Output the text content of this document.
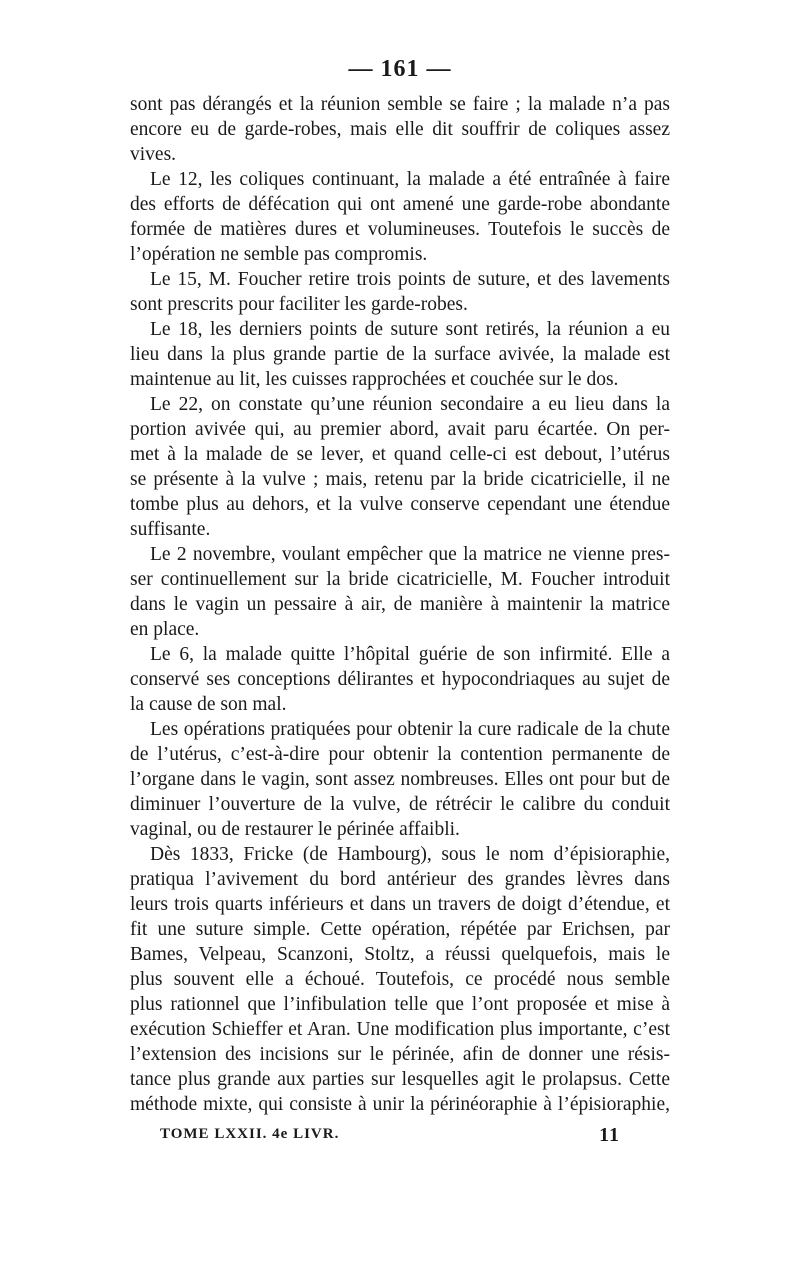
— 161 —
sont pas dérangés et la réunion semble se faire ; la malade n’a pas
encore eu de garde-robes, mais elle dit souffrir de coliques assez
vives.
Le 12, les coliques continuant, la malade a été entraînée à faire
des efforts de défécation qui ont amené une garde-robe abondante
formée de matières dures et volumineuses. Toutefois le succès de
l’opération ne semble pas compromis.
Le 15, M. Foucher retire trois points de suture, et des lavements
sont prescrits pour faciliter les garde-robes.
Le 18, les derniers points de suture sont retirés, la réunion a eu
lieu dans la plus grande partie de la surface avivée, la malade est
maintenue au lit, les cuisses rapprochées et couchée sur le dos.
Le 22, on constate qu’une réunion secondaire a eu lieu dans la
portion avivée qui, au premier abord, avait paru écartée. On per-
met à la malade de se lever, et quand celle-ci est debout, l’utérus
se présente à la vulve ; mais, retenu par la bride cicatricielle, il ne
tombe plus au dehors, et la vulve conserve cependant une étendue
suffisante.
Le 2 novembre, voulant empêcher que la matrice ne vienne pres-
ser continuellement sur la bride cicatricielle, M. Foucher introduit
dans le vagin un pessaire à air, de manière à maintenir la matrice
en place.
Le 6, la malade quitte l’hôpital guérie de son infirmité. Elle a
conservé ses conceptions délirantes et hypocondriaques au sujet de
la cause de son mal.
Les opérations pratiquées pour obtenir la cure radicale de la chute
de l’utérus, c’est-à-dire pour obtenir la contention permanente de
l’organe dans le vagin, sont assez nombreuses. Elles ont pour but de
diminuer l’ouverture de la vulve, de rétrécir le calibre du conduit
vaginal, ou de restaurer le périnée affaibli.
Dès 1833, Fricke (de Hambourg), sous le nom d’épisioraphie,
pratiqua l’avivement du bord antérieur des grandes lèvres dans
leurs trois quarts inférieurs et dans un travers de doigt d’étendue, et
fit une suture simple. Cette opération, répétée par Erichsen, par
Bames, Velpeau, Scanzoni, Stoltz, a réussi quelquefois, mais le
plus souvent elle a échoué. Toutefois, ce procédé nous semble
plus rationnel que l’infibulation telle que l’ont proposée et mise à
exécution Schieffer et Aran. Une modification plus importante, c’est
l’extension des incisions sur le périnée, afin de donner une résis-
tance plus grande aux parties sur lesquelles agit le prolapsus. Cette
méthode mixte, qui consiste à unir la périnéoraphie à l’épisioraphie,
TOME LXXII. 4e LIVR.	11
